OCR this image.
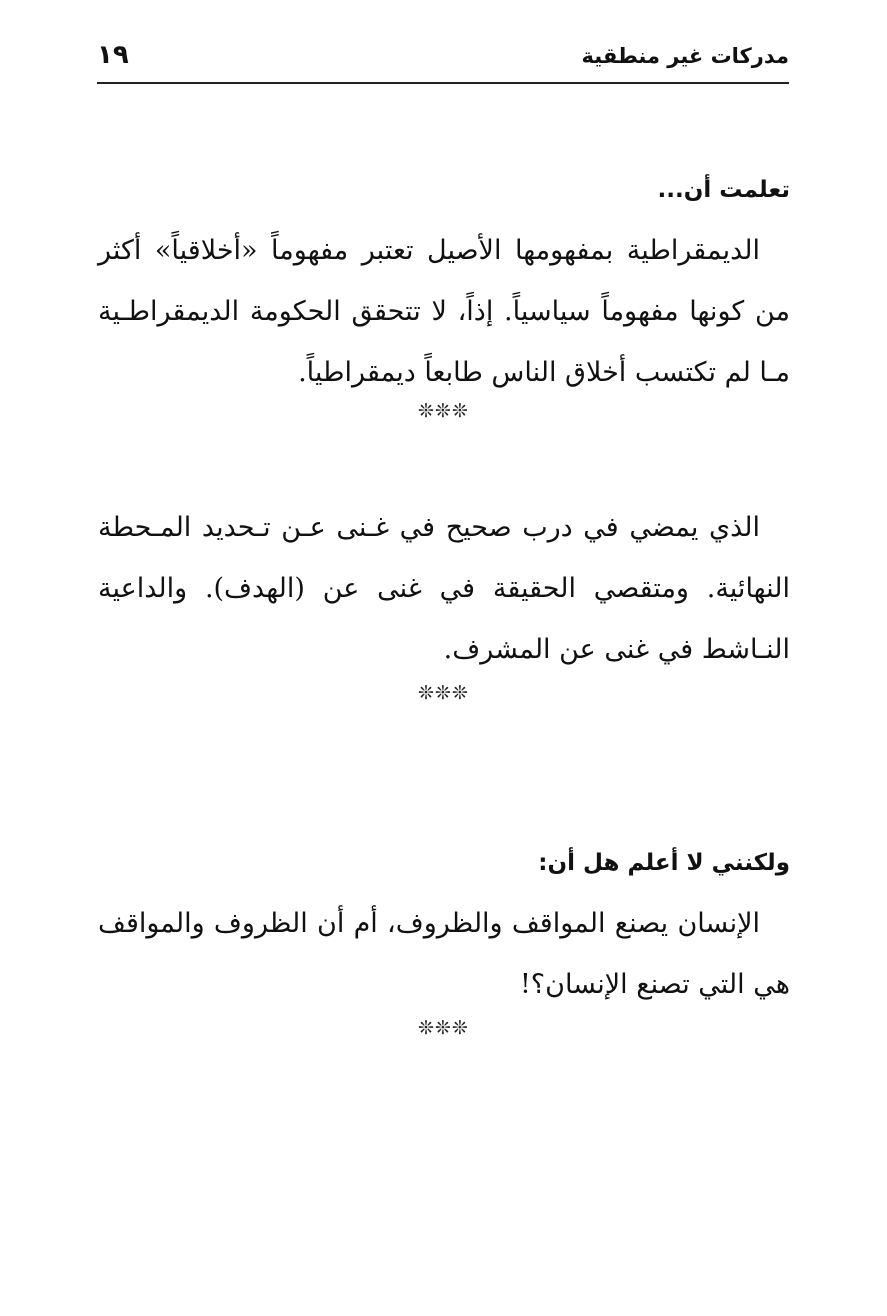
مدركات غير منطقية
١٩
تعلمت أن...

الديمقراطية بمفهومها الأصيل تعتبر مفهوماً «أخلاقياً» أكثر من كونها مفهوماً سياسياً. إذاً، لا تتحقق الحكومة الديمقراطـية مـا لم تكتسب أخلاق الناس طابعاً ديمقراطياً.

❊❊❊

الذي يمضي في درب صحيح في غـنى عـن تـحديد المـحطة النهائية. ومتقصي الحقيقة في غنى عن (الهدف). والداعية النـاشط في غنى عن المشرف.

❊❊❊
ولكنني لا أعلم هل أن:

الإنسان يصنع المواقف والظروف، أم أن الظروف والمواقف هي التي تصنع الإنسان؟!

❊❊❊
